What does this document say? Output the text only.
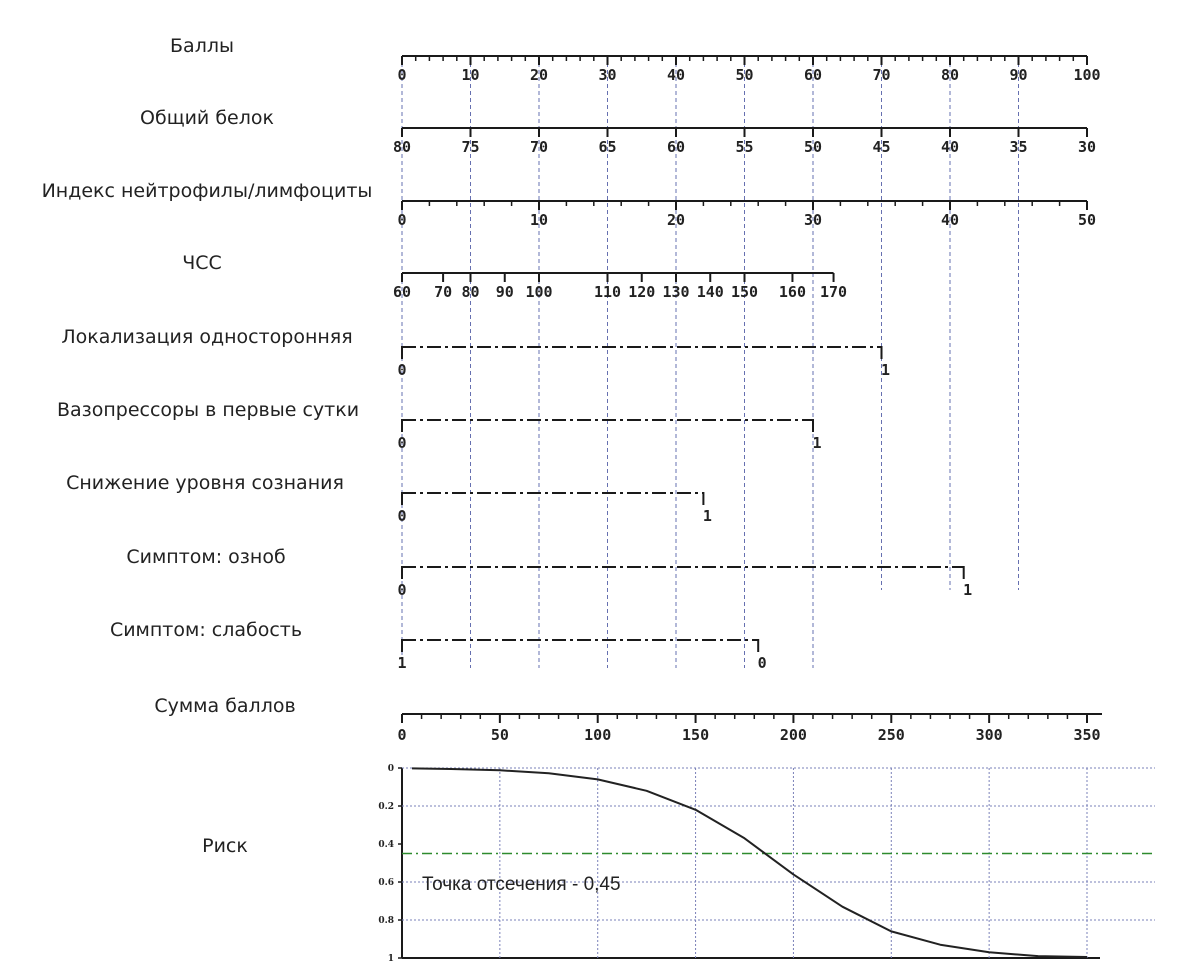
Баллы
0	10	20	30	40	50	60	70	80	90	100
Общий белок
80	75	70	65	60	55	50	45	40	35	30
Индекс нейтрофилы/лимфоциты
0	10	20	30	40	50
ЧСС
60 70 80 90 100	110 120 130 140 150 160 170
Локализация односторонняя
0	1
Вазопрессоры в первые сутки
0	1
Снижение уровня сознания
0	1
Симптом: озноб
0	1
Симптом: слабость
1	0
Сумма баллов
0	50	100	150	200	250	300	350
Риск
0
0.2
0.4
0.6
0.8
1
Точка отсечения - 0,45
